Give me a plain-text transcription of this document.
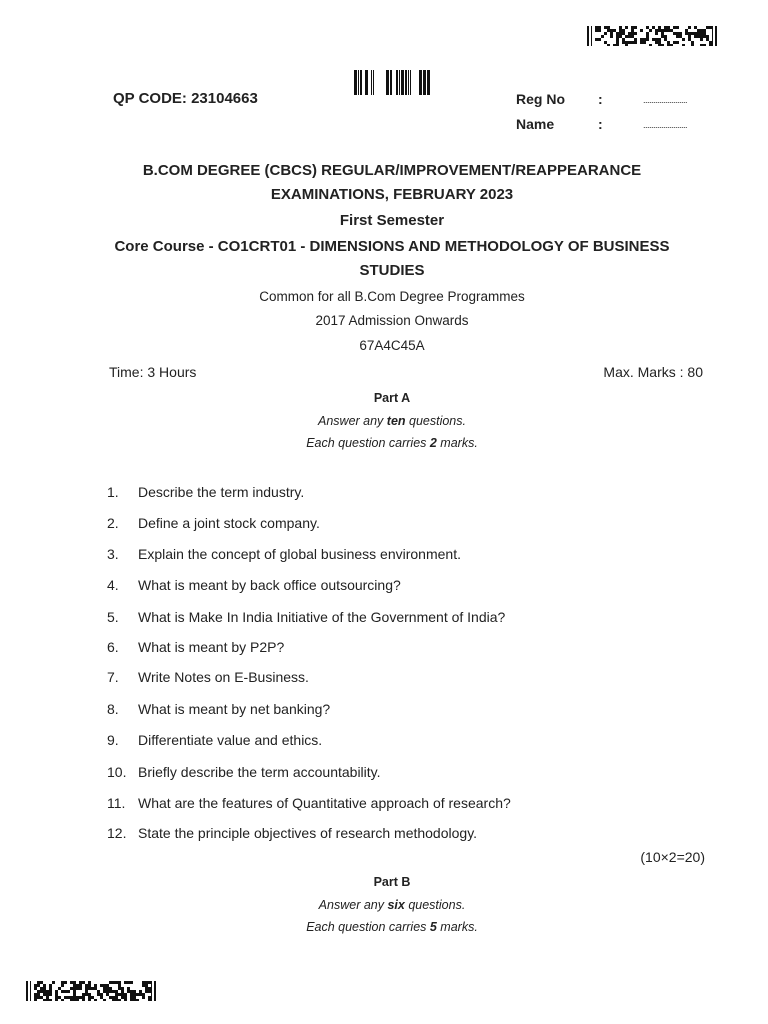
QP CODE: 23104663	Reg No :	......................
Name	:	......................
B.COM DEGREE (CBCS) REGULAR/IMPROVEMENT/REAPPEARANCE
EXAMINATIONS, FEBRUARY 2023
First Semester
Core Course - CO1CRT01 - DIMENSIONS AND METHODOLOGY OF BUSINESS
STUDIES
Common for all B.Com Degree Programmes
2017 Admission Onwards
67A4C45A
Time: 3 Hours	Max. Marks : 80
Part A
Answer any ten questions.
Each question carries 2 marks.
1.	Describe the term industry.
2.	Define a joint stock company.
3.	Explain the concept of global business environment.
4.	What is meant by back office outsourcing?
5.	What is Make In India Initiative of the Government of India?
6.	What is meant by P2P?
7.	Write Notes on E-Business.
8.	What is meant by net banking?
9.	Differentiate value and ethics.
10. Briefly describe the term accountability.
11. What are the features of Quantitative approach of research?
12. State the principle objectives of research methodology.
(10×2=20)
Part B
Answer any six questions.
Each question carries 5 marks.
